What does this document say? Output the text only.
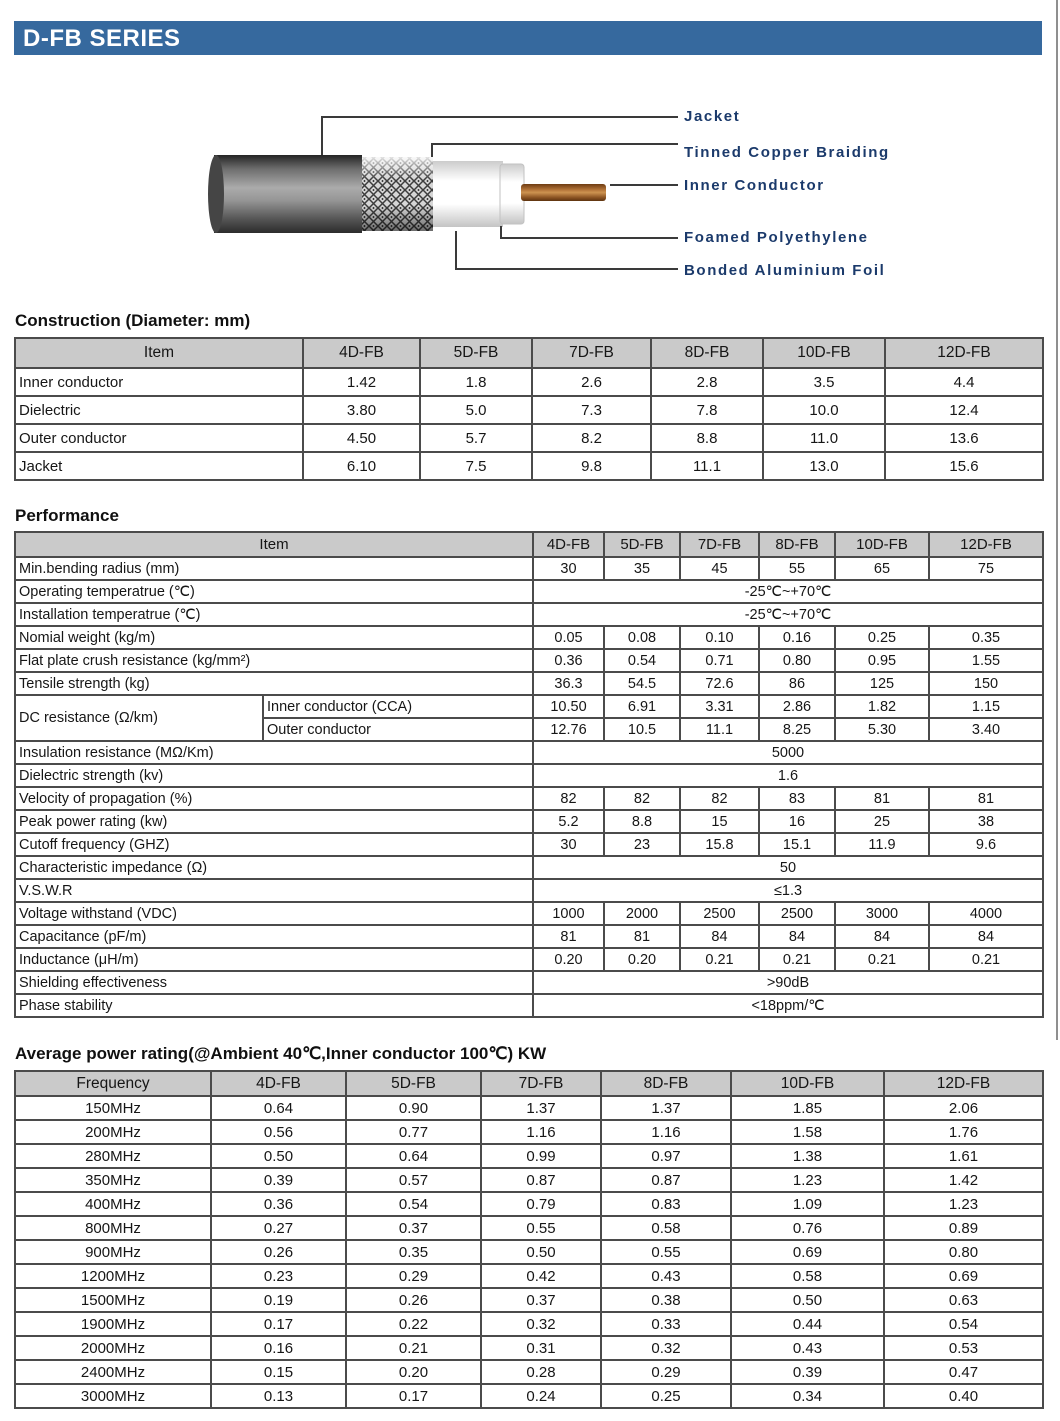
D-FB SERIES
Jacket
Tinned Copper Braiding
Inner Conductor
Foamed Polyethylene
Bonded Aluminium Foil
Construction (Diameter: mm)
Item	4D-FB	5D-FB	7D-FB	8D-FB	10D-FB	12D-FB
Inner conductor	1.42	1.8	2.6	2.8	3.5	4.4
Dielectric	3.80	5.0	7.3	7.8	10.0	12.4
Outer conductor	4.50	5.7	8.2	8.8	11.0	13.6
Jacket	6.10	7.5	9.8	11.1	13.0	15.6
Performance
Item		4D-FB	5D-FB	7D-FB	8D-FB	10D-FB	12D-FB
Min.bending radius (mm)		30	35	45	55	65	75
Operating temperatrue (℃)		-25℃~+70℃					
Installation temperatrue (℃)		-25℃~+70℃					
Nomial weight (kg/m)		0.05	0.08	0.10	0.16	0.25	0.35
Flat plate crush resistance (kg/mm²)		0.36	0.54	0.71	0.80	0.95	1.55
Tensile strength (kg)		36.3	54.5	72.6	86	125	150
DC resistance (Ω/km)	Inner conductor (CCA)	10.50	6.91	3.31	2.86	1.82	1.15
	Outer conductor	12.76	10.5	11.1	8.25	5.30	3.40
Insulation resistance (MΩ/Km)		5000					
Dielectric strength (kv)		1.6					
Velocity of propagation (%)		82	82	82	83	81	81
Peak power rating (kw)		5.2	8.8	15	16	25	38
Cutoff frequency (GHZ)		30	23	15.8	15.1	11.9	9.6
Characteristic impedance (Ω)		50					
V.S.W.R		≤1.3					
Voltage withstand (VDC)		1000	2000	2500	2500	3000	4000
Capacitance (pF/m)		81	81	84	84	84	84
Inductance (μH/m)		0.20	0.20	0.21	0.21	0.21	0.21
Shielding effectiveness		>90dB					
Phase stability		<18ppm/℃					
Average power rating(@Ambient 40℃,Inner conductor 100℃) KW
Frequency	4D-FB	5D-FB	7D-FB	8D-FB	10D-FB	12D-FB
150MHz	0.64	0.90	1.37	1.37	1.85	2.06
200MHz	0.56	0.77	1.16	1.16	1.58	1.76
280MHz	0.50	0.64	0.99	0.97	1.38	1.61
350MHz	0.39	0.57	0.87	0.87	1.23	1.42
400MHz	0.36	0.54	0.79	0.83	1.09	1.23
800MHz	0.27	0.37	0.55	0.58	0.76	0.89
900MHz	0.26	0.35	0.50	0.55	0.69	0.80
1200MHz	0.23	0.29	0.42	0.43	0.58	0.69
1500MHz	0.19	0.26	0.37	0.38	0.50	0.63
1900MHz	0.17	0.22	0.32	0.33	0.44	0.54
2000MHz	0.16	0.21	0.31	0.32	0.43	0.53
2400MHz	0.15	0.20	0.28	0.29	0.39	0.47
3000MHz	0.13	0.17	0.24	0.25	0.34	0.40
